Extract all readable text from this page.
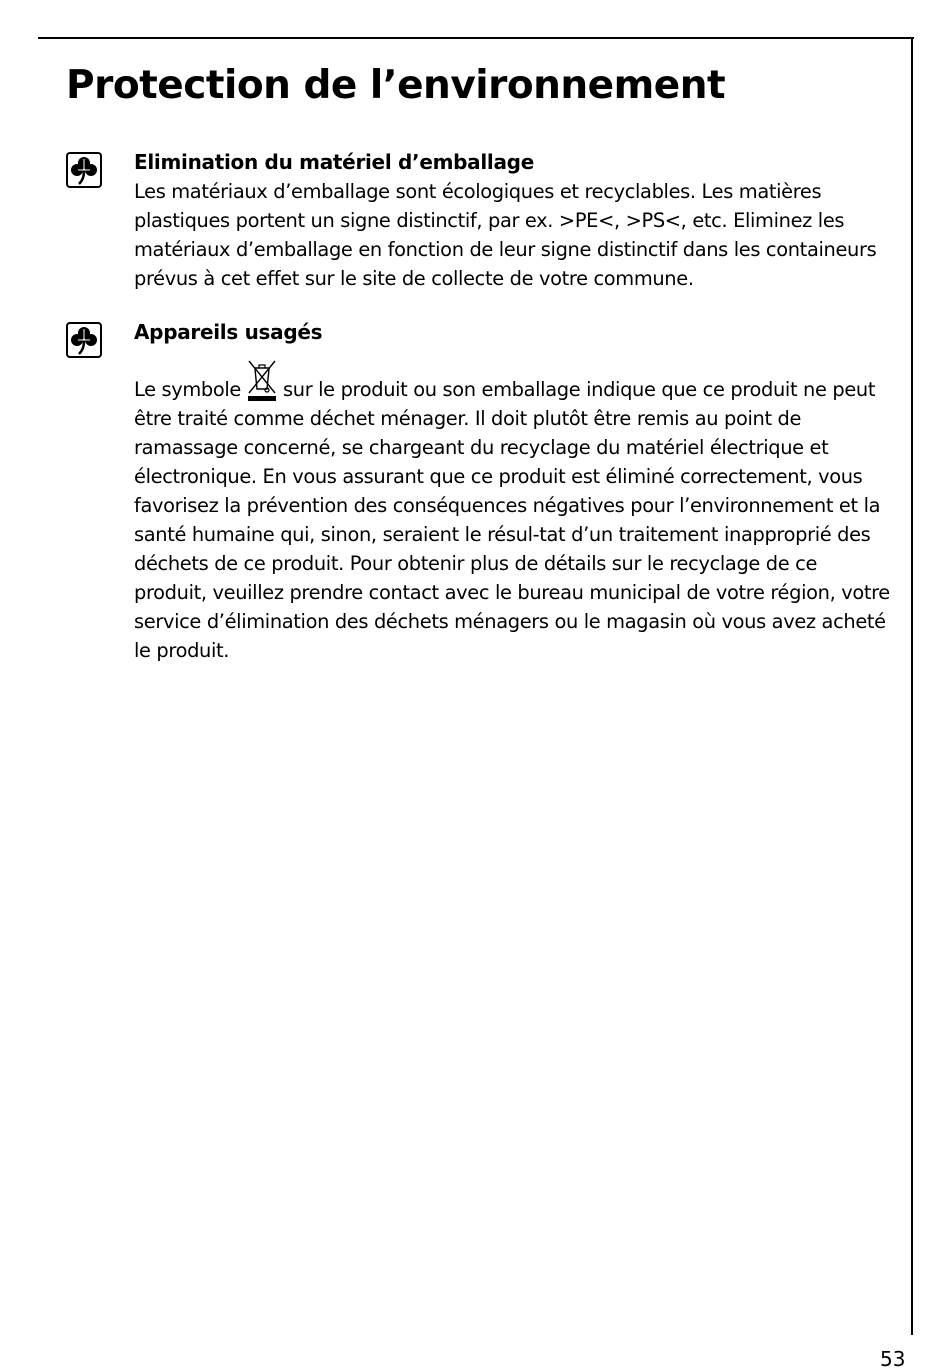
Protection de l’environnement

Elimination du matériel d’emballage

Les matériaux d’emballage sont écologiques et recyclables. Les matières plastiques portent un signe distinctif, par ex. >PE<, >PS<, etc. Eliminez les matériaux d’emballage en fonction de leur signe distinctif dans les containeurs prévus à cet effet sur le site de collecte de votre commune.

Appareils usagés

Le symbole sur le produit ou son emballage indique que ce produit ne peut être traité comme déchet ménager. Il doit plutôt être remis au point de ramassage concerné, se chargeant du recyclage du matériel électrique et électronique. En vous assurant que ce produit est éliminé correctement, vous favorisez la prévention des conséquences négatives pour l’environnement et la santé humaine qui, sinon, seraient le résul-tat d’un traitement inapproprié des déchets de ce produit. Pour obtenir plus de détails sur le recyclage de ce produit, veuillez prendre contact avec le bureau municipal de votre région, votre service d’élimination des déchets ménagers ou le magasin où vous avez acheté le produit.

53
